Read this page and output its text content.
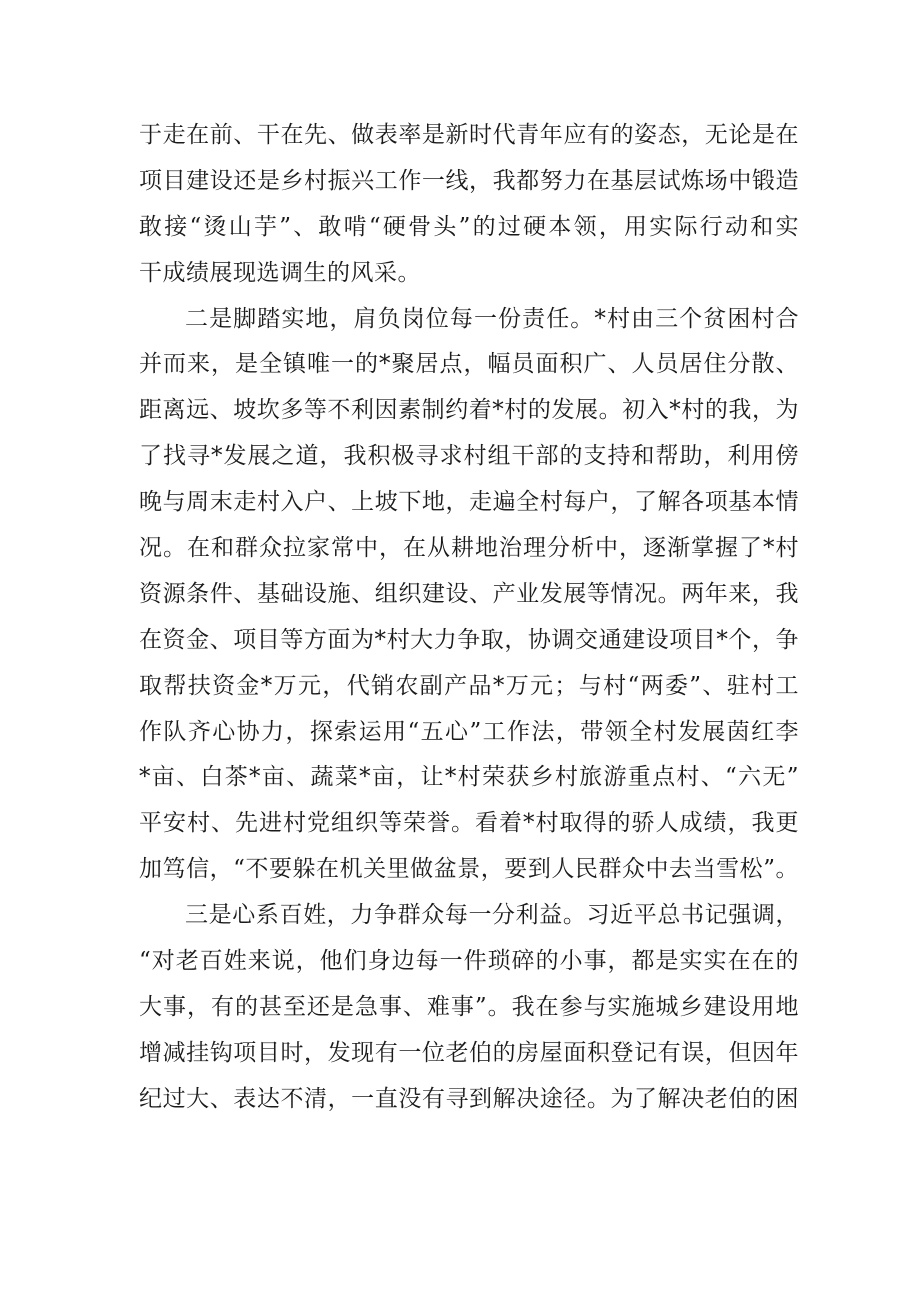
于走在前、干在先、做表率是新时代青年应有的姿态，无论是在
项目建设还是乡村振兴工作一线，我都努力在基层试炼场中锻造
敢接“烫山芋”、敢啃“硬骨头”的过硬本领，用实际行动和实
干成绩展现选调生的风采。
二是脚踏实地，肩负岗位每一份责任。*村由三个贫困村合
并而来，是全镇唯一的*聚居点，幅员面积广、人员居住分散、
距离远、坡坎多等不利因素制约着*村的发展。初入*村的我，为
了找寻*发展之道，我积极寻求村组干部的支持和帮助，利用傍
晚与周末走村入户、上坡下地，走遍全村每户，了解各项基本情
况。在和群众拉家常中，在从耕地治理分析中，逐渐掌握了*村
资源条件、基础设施、组织建设、产业发展等情况。两年来，我
在资金、项目等方面为*村大力争取，协调交通建设项目*个，争
取帮扶资金*万元，代销农副产品*万元；与村“两委”、驻村工
作队齐心协力，探索运用“五心”工作法，带领全村发展茵红李
*亩、白茶*亩、蔬菜*亩，让*村荣获乡村旅游重点村、“六无”
平安村、先进村党组织等荣誉。看着*村取得的骄人成绩，我更
加笃信，“不要躲在机关里做盆景，要到人民群众中去当雪松”。
三是心系百姓，力争群众每一分利益。习近平总书记强调，
“对老百姓来说，他们身边每一件琐碎的小事，都是实实在在的
大事，有的甚至还是急事、难事”。我在参与实施城乡建设用地
增减挂钩项目时，发现有一位老伯的房屋面积登记有误，但因年
纪过大、表达不清，一直没有寻到解决途径。为了解决老伯的困
